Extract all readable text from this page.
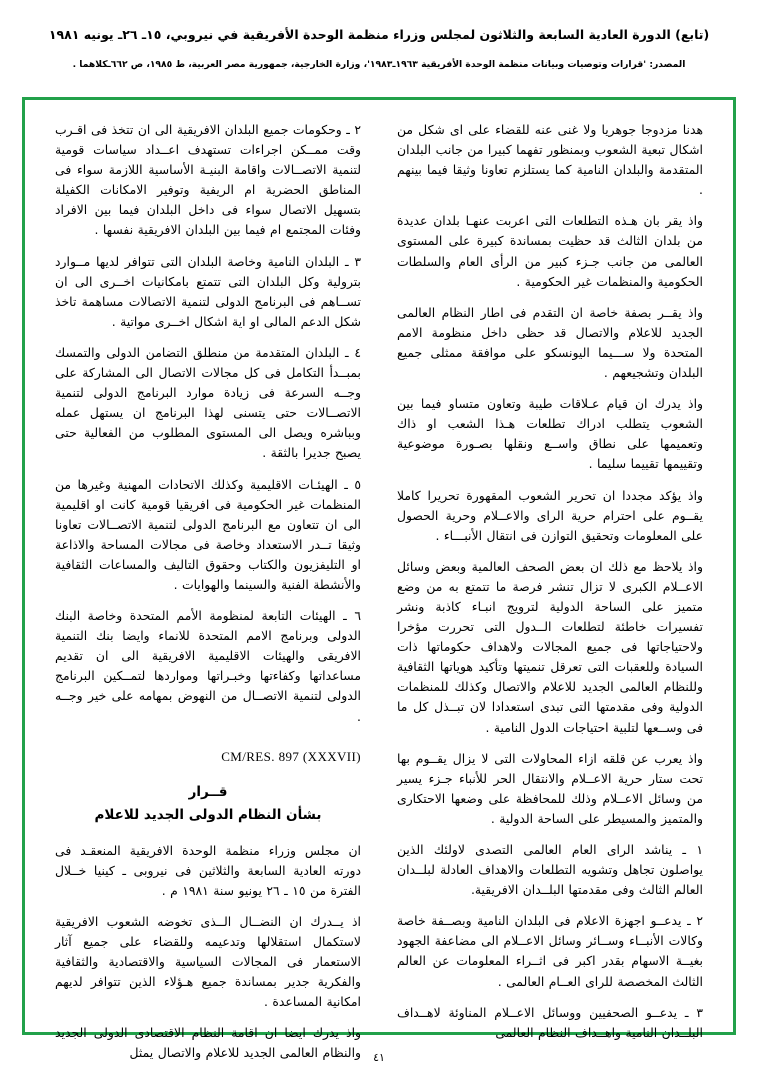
(تابع) الدورة العادية السابعة والثلاثون لمجلس وزراء منظمة الوحدة الأفريقية في نيروبي، ١٥ـ ٢٦ـ يونيه ١٩٨١
المصدر: 'قرارات وتوصيات وبيانات منظمة الوحدة الأفريقية ١٩٦٣ـ١٩٨٣'، وزارة الخارجية، جمهورية مصر العربية، ط ١٩٨٥، ص ٦٦٢ـكلاهما .

هدنا مزدوجا جوهريا ولا غنى عنه للقضاء على اى شكل من اشكال تبعية الشعوب وبمنظور تفهما كبيرا من جانب البلدان المتقدمة والبلدان النامية كما يستلزم تعاونا وثيقا فيما بينهم .

واذ يقر بان هـذه التطلعات التى اعربت عنهـا بلدان عديدة من بلدان الثالث قد حظيت بمساندة كبيرة على المستوى العالمى من جانب جـزء كبير من الرأى العام والسلطات الحكومية والمنظمات غير الحكومية .

واذ يقــر بصفة خاصة ان التقدم فى اطار النظام العالمى الجديد للاعلام والاتصال قد حظى داخل منظومة الامم المتحدة ولا ســـيما اليونسكو على موافقة ممثلى جميع البلدان وتشجيعهم .

واذ يدرك ان قيام عـلاقات طيبة وتعاون متساو فيما بين الشعوب يتطلب ادراك تطلعات هـذا الشعب او ذاك وتعميمها على نطاق واســع ونقلها بصـورة موضوعية وتقييمها تقييما سليما .

واذ يؤكد مجددا ان تحرير الشعوب المقهورة تحريرا كاملا يقــوم على احترام حرية الراى والاعــلام وحرية الحصول على المعلومات وتحقيق التوازن فى انتقال الأنبـــاء .

واذ يلاحظ مع ذلك ان بعض الصحف العالمية وبعض وسائل الاعــلام الكبرى لا تزال تنشر فرصة ما تتمتع به من وضع متميز على الساحة الدولية لترويج انبـاء كاذبة ونشر تفسيرات خاطئة لتطلعات الــدول التى تحررت مؤخرا ولاحتياجاتها فى جميع المجالات ولاهداف حكوماتها ذات السيادة وللعقبات التى تعرقل تنميتها وتأكيد هوياتها الثقافية وللنظام العالمى الجديد للاعلام والاتصال وكذلك للمنظمات الدولية وفى مقدمتها التى تبدى استعدادا لان تبــذل كل ما فى وســعها لتلبية احتياجات الدول النامية .

واذ يعرب عن قلقه ازاء المحاولات التى لا يزال يقــوم بها تحت ستار حرية الاعــلام والانتقال الحر للأنباء جـزء يسير من وسائل الاعــلام وذلك للمحافظة على وضعها الاحتكارى والمتميز والمسيطر على الساحة الدولية .

١ ـ يناشد الراى العام العالمى التصدى لاولئك الذين يواصلون تجاهل وتشويه التطلعات والاهداف العادلة لبلــدان العالم الثالث وفى مقدمتها البلــدان الافريقية.

٢ ـ يدعــو اجهزة الاعلام فى البلدان النامية وبصــفة خاصة وكالات الأنبــاء وســائر وسائل الاعــلام الى مضاعفة الجهود بغيــة الاسهام بقدر اكبر فى اثــراء المعلومات عن العالم الثالث المخصصة للراى العــام العالمى .

٣ ـ يدعــو الصحفيين ووسائل الاعــلام المناوئة لاهــداف البلــدان النامية واهــداف النظام العالمى

٢ ـ وحكومات جميع البلدان الافريقية الى ان تتخذ فى اقـرب وقت ممــكن اجراءات تستهدف اعــداد سياسات قومية لتنمية الاتصــالات واقامة البنيـة الأساسية اللازمة سواء فى المناطق الحضرية ام الريفية وتوفير الامكانات الكفيلة بتسهيل الاتصال سواء فى داخل البلدان فيما بين الافراد وفئات المجتمع ام فيما بين البلدان الافريقية نفسها .

٣ ـ البلدان النامية وخاصة البلدان التى تتوافر لديها مــوارد بترولية وكل البلدان التى تتمتع بامكانيات اخــرى الى ان تســاهم فى البرنامج الدولى لتنمية الاتصالات مساهمة تاخذ شكل الدعم المالى او اية اشكال اخــرى مواتية .

٤ ـ البلدان المتقدمة من منطلق التضامن الدولى والتمسك بمبــدأ التكامل فى كل مجالات الاتصال الى المشاركة على وجــه السرعة فى زيادة موارد البرنامج الدولى لتنمية الاتصــالات حتى يتسنى لهذا البرنامج ان يستهل عمله وبباشره ويصل الى المستوى المطلوب من الفعالية حتى يصبح جديرا بالثقة .

٥ ـ الهيئـات الاقليمية وكذلك الاتحادات المهنية وغيرها من المنظمات غير الحكومية فى افريقيا قومية كانت او اقليمية الى ان تتعاون مع البرنامج الدولى لتنمية الاتصــالات تعاونا وثيقا تــدر الاستعداد وخاصة فى مجالات المساحة والاذاعة او التليفزيون والكتاب وحقوق التاليف والمساعات الثقافية والأنشطة الفنية والسينما والهوايات .

٦ ـ الهيئات التابعة لمنظومة الأمم المتحدة وخاصة البنك الدولى وبرنامج الامم المتحدة للانماء وايضا بنك التنمية الافريقى والهيئات الاقليمية الافريقية الى ان تقديم مساعداتها وكفاءتها وخبـراتها ومواردها لتمــكين البرنامج الدولى لتنمية الاتصــال من النهوض بمهامه على خير وجــه .

CM/RES. 897 (XXXVII)
قــرار
بشأن النظام الدولى الجديد للاعلام

ان مجلس وزراء منظمة الوحدة الافريقية المنعقـد فى دورته العادية السابعة والثلاثين فى نيروبى ـ كينيا خــلال الفترة من ١٥ ـ ٢٦ يونيو سنة ١٩٨١ م .

اذ يــدرك ان النضــال الــذى تخوضه الشعوب الافريقية لاستكمال استقلالها وتدعيمه وللقضاء على جميع آثار الاستعمار فى المجالات السياسية والاقتصادية والثقافية والفكرية جدير بمساندة جميع هـؤلاء الذين تتوافر لديهم امكانية المساعدة .

واذ يدرك ايضا ان اقامة النظام الاقتصادى الدولى الجديد والنظام العالمى الجديد للاعلام والاتصال يمثل	٤١
